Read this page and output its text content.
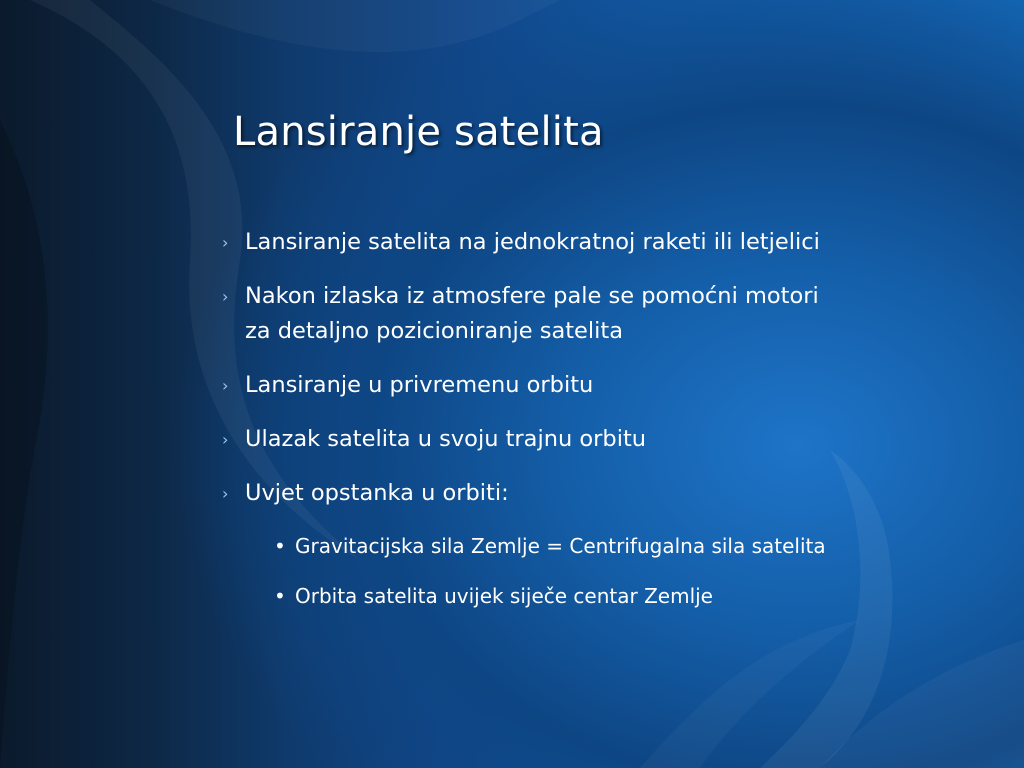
Lansiranje satelita
› Lansiranje satelita na jednokratnoj raketi ili letjelici
› Nakon izlaska iz atmosfere pale se pomoćni motori za detaljno pozicioniranje satelita
› Lansiranje u privremenu orbitu
› Ulazak satelita u svoju trajnu orbitu
› Uvjet opstanka u orbiti:
• Gravitacijska sila Zemlje = Centrifugalna sila satelita
• Orbita satelita uvijek siječe centar Zemlje
